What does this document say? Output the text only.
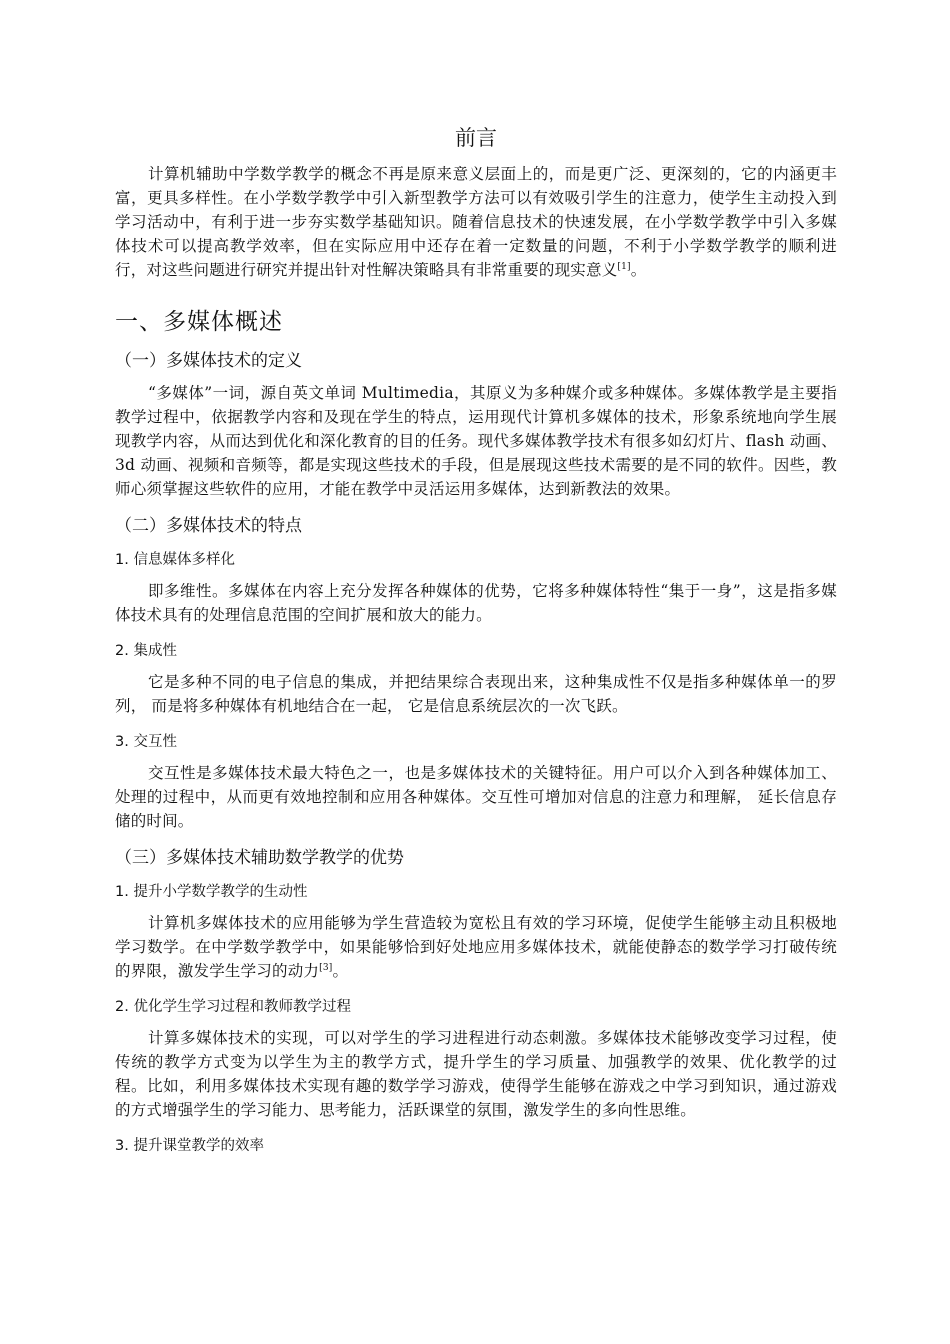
前言

计算机辅助中学数学教学的概念不再是原来意义层面上的，而是更广泛、更深刻的，它的内涵更丰富，更具多样性。在小学数学教学中引入新型教学方法可以有效吸引学生的注意力，使学生主动投入到学习活动中，有利于进一步夯实数学基础知识。随着信息技术的快速发展，在小学数学教学中引入多媒体技术可以提高教学效率，但在实际应用中还存在着一定数量的问题，不利于小学数学教学的顺利进行，对这些问题进行研究并提出针对性解决策略具有非常重要的现实意义[1]。

一、多媒体概述
（一）多媒体技术的定义

“多媒体”一词，源自英文单词 Multimedia，其原义为多种媒介或多种媒体。多媒体教学是主要指教学过程中，依据教学内容和及现在学生的特点，运用现代计算机多媒体的技术，形象系统地向学生展现教学内容，从而达到优化和深化教育的目的任务。现代多媒体教学技术有很多如幻灯片、flash 动画、3d 动画、视频和音频等，都是实现这些技术的手段，但是展现这些技术需要的是不同的软件。因些，教师心须掌握这些软件的应用，才能在教学中灵活运用多媒体，达到新教法的效果。

（二）多媒体技术的特点
1. 信息媒体多样化

即多维性。多媒体在内容上充分发挥各种媒体的优势，它将多种媒体特性“集于一身”，这是指多媒体技术具有的处理信息范围的空间扩展和放大的能力。

2. 集成性

它是多种不同的电子信息的集成，并把结果综合表现出来，这种集成性不仅是指多种媒体单一的罗列， 而是将多种媒体有机地结合在一起， 它是信息系统层次的一次飞跃。

3. 交互性

交互性是多媒体技术最大特色之一，也是多媒体技术的关键特征。用户可以介入到各种媒体加工、处理的过程中，从而更有效地控制和应用各种媒体。交互性可增加对信息的注意力和理解， 延长信息存储的时间。

（三）多媒体技术辅助数学教学的优势
1. 提升小学数学教学的生动性

计算机多媒体技术的应用能够为学生营造较为宽松且有效的学习环境，促使学生能够主动且积极地学习数学。在中学数学教学中，如果能够恰到好处地应用多媒体技术，就能使静态的数学学习打破传统的界限，激发学生学习的动力[3]。

2. 优化学生学习过程和教师教学过程

计算多媒体技术的实现，可以对学生的学习进程进行动态刺激。多媒体技术能够改变学习过程，使传统的教学方式变为以学生为主的教学方式，提升学生的学习质量、加强教学的效果、优化教学的过程。比如，利用多媒体技术实现有趣的数学学习游戏，使得学生能够在游戏之中学习到知识，通过游戏的方式增强学生的学习能力、思考能力，活跃课堂的氛围，激发学生的多向性思维。

3. 提升课堂教学的效率
